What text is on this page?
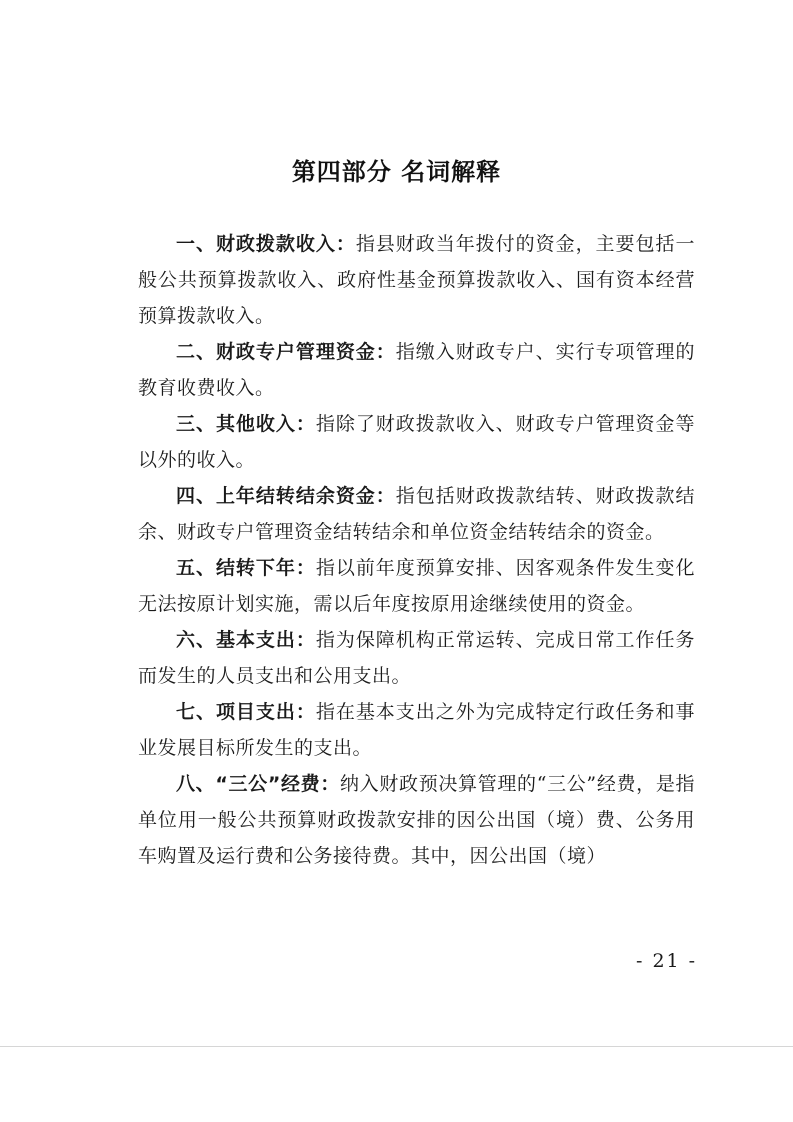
第四部分 名词解释

一、财政拨款收入：指县财政当年拨付的资金，主要包括一般公共预算拨款收入、政府性基金预算拨款收入、国有资本经营预算拨款收入。

二、财政专户管理资金：指缴入财政专户、实行专项管理的教育收费收入。

三、其他收入：指除了财政拨款收入、财政专户管理资金等以外的收入。

四、上年结转结余资金：指包括财政拨款结转、财政拨款结余、财政专户管理资金结转结余和单位资金结转结余的资金。

五、结转下年：指以前年度预算安排、因客观条件发生变化无法按原计划实施，需以后年度按原用途继续使用的资金。

六、基本支出：指为保障机构正常运转、完成日常工作任务而发生的人员支出和公用支出。

七、项目支出：指在基本支出之外为完成特定行政任务和事业发展目标所发生的支出。

八、“三公”经费：纳入财政预决算管理的“三公”经费，是指单位用一般公共预算财政拨款安排的因公出国（境）费、公务用车购置及运行费和公务接待费。其中，因公出国（境）

- 21 -
